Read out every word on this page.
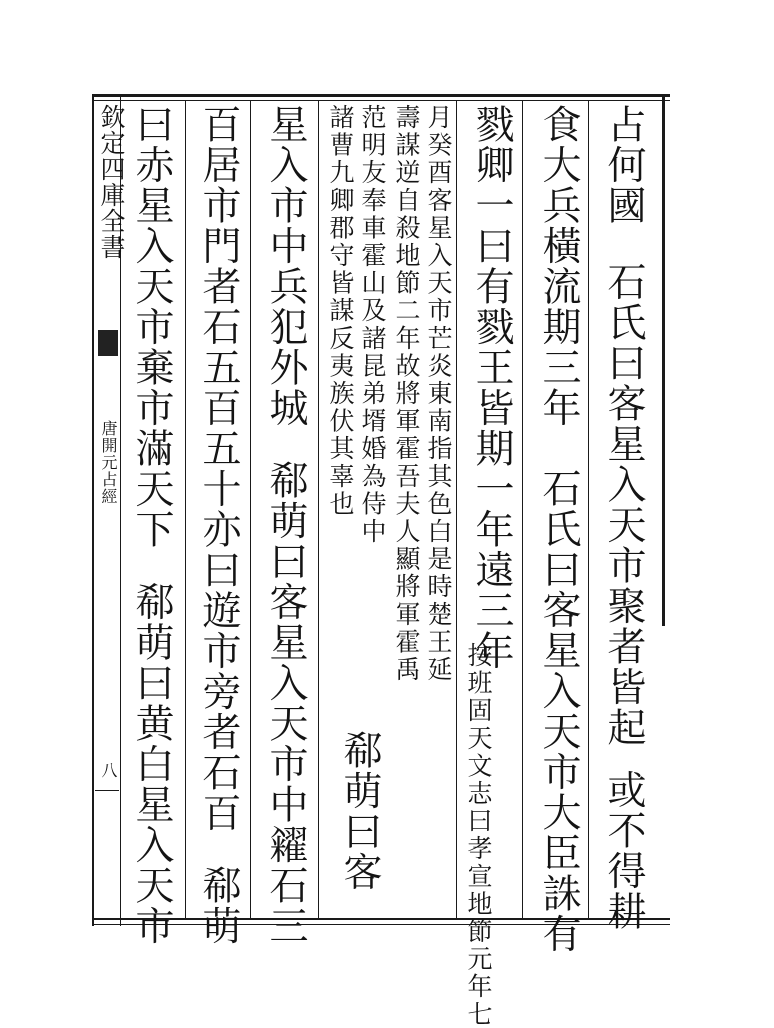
欽定四庫全書
唐開元占經
八
占何國石氏曰客星入天市聚者皆起或不得耕
食大兵橫流期三年石氏曰客星入天市大臣誅有
戮卿一曰有戮王皆期一年遠三年
按班固天文志曰孝宣地節元年七
月癸酉客星入天市芒炎東南指其色白是時楚王延
壽謀逆自殺地節二年故將軍霍吾夫人顯將軍霍禹
范明友奉車霍山及諸昆弟壻婚為侍中
諸曹九卿郡守皆謀反夷族伏其辜也
郗萌曰客
星入市中兵犯外城郗萌曰客星入天市中糴石三
百居市門者石五百五十亦曰遊市旁者石百郗萌
曰赤星入天市棄市滿天下郗萌曰黄白星入天市
